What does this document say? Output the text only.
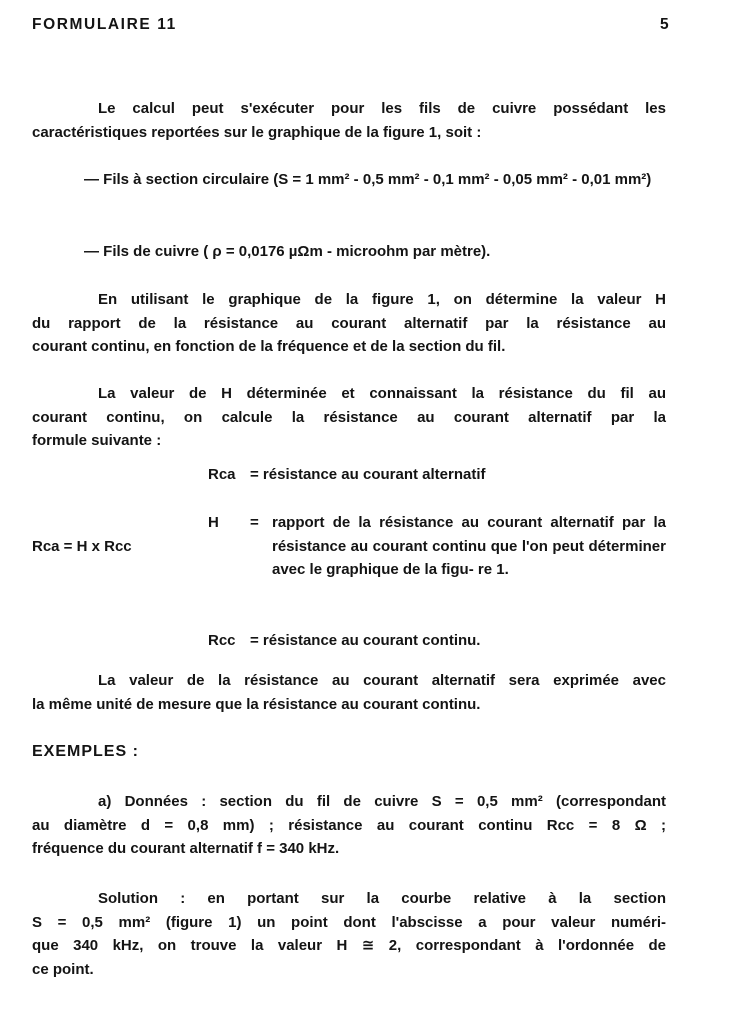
FORMULAIRE 11	5
Le calcul peut s'exécuter pour les fils de cuivre possédant les
caractéristiques reportées sur le graphique de la figure 1, soit :
— Fils à section circulaire (S = 1 mm² - 0,5 mm² - 0,1 mm² - 0,05 mm² - 0,01 mm²)
— Fils de cuivre ( ρ = 0,0176 µΩm - microohm par mètre).
En utilisant le graphique de la figure 1, on détermine la valeur H
du rapport de la résistance au courant alternatif par la résistance au
courant continu, en fonction de la fréquence et de la section du fil.
La valeur de H déterminée et connaissant la résistance du fil au
courant continu, on calcule la résistance au courant alternatif par la
formule suivante :
Rca = résistance au courant alternatif
H = rapport de la résistance au courant alternatif par la résistance au courant continu que l'on peut déterminer avec le graphique de la figu- re 1.
Rca = H x Rcc
Rcc = résistance au courant continu.
La valeur de la résistance au courant alternatif sera exprimée avec
la même unité de mesure que la résistance au courant continu.
EXEMPLES :
a) Données : section du fil de cuivre S = 0,5 mm² (correspondant
au diamètre d = 0,8 mm) ; résistance au courant continu Rcc = 8 Ω ;
fréquence du courant alternatif f = 340 kHz.
Solution : en portant sur la courbe relative à la section
S = 0,5 mm² (figure 1) un point dont l'abscisse a pour valeur numéri-
que 340 kHz, on trouve la valeur H ≅ 2, correspondant à l'ordonnée de
ce point.
